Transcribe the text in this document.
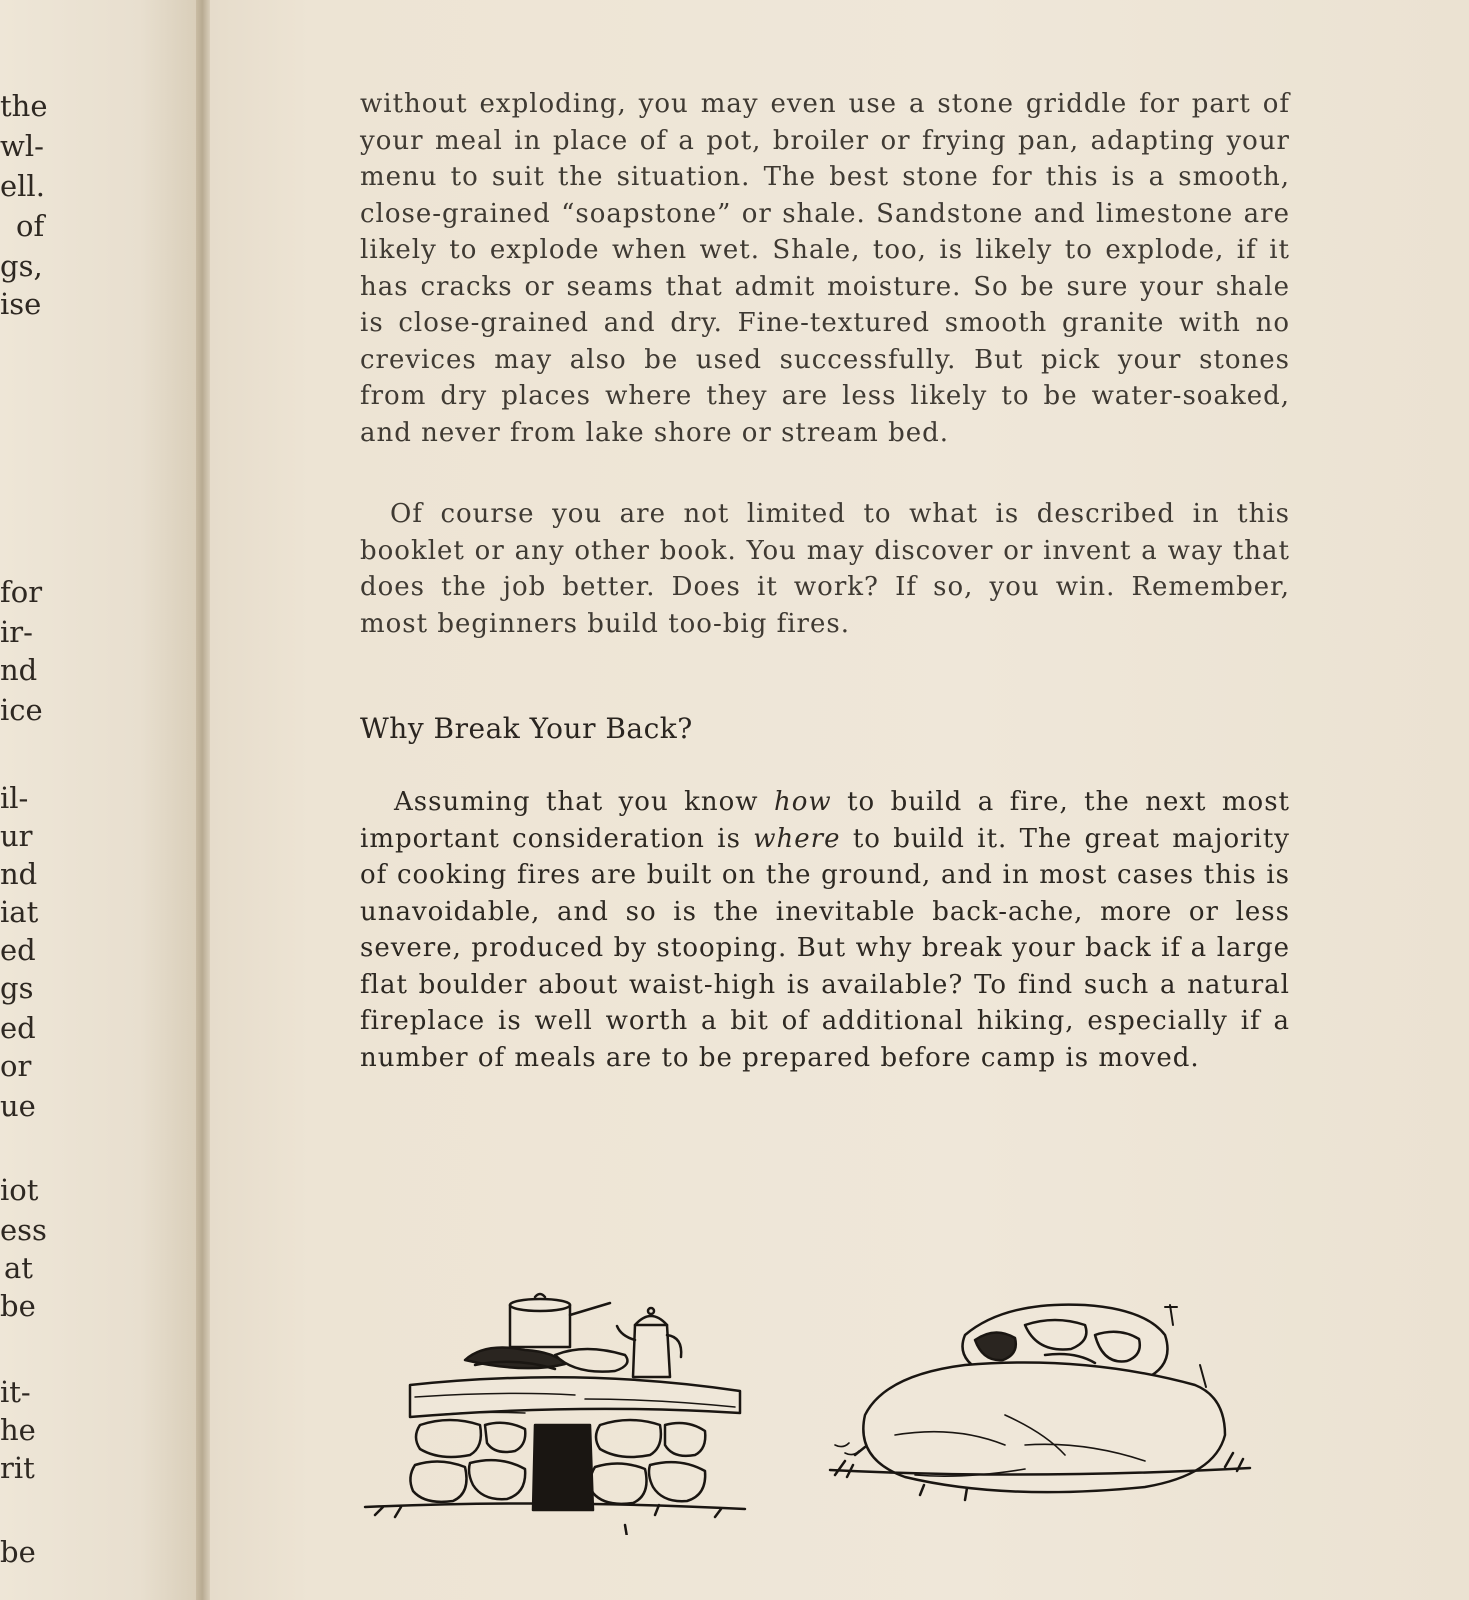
the
wl-
ell.
of
gs,
ise
for
ir-
nd
ice
il-
ur
nd
iat
ed
gs
ed
or
ue
iot
ess
at
be
it-
he
rit
be
without exploding, you may even use a stone griddle for part of your meal in place of a pot, broiler or frying pan, adapting your menu to suit the situation. The best stone for this is a smooth, close-grained “soapstone” or shale. Sandstone and limestone are likely to explode when wet. Shale, too, is likely to explode, if it has cracks or seams that admit moisture. So be sure your shale is close-grained and dry. Fine-textured smooth granite with no crevices may also be used successfully. But pick your stones from dry places where they are less likely to be water-soaked, and never from lake shore or stream bed.
Of course you are not limited to what is described in this booklet or any other book. You may discover or invent a way that does the job better. Does it work? If so, you win. Remember, most beginners build too-big fires.
Why Break Your Back?
Assuming that you know how to build a fire, the next most important consideration is where to build it. The great majority of cooking fires are built on the ground, and in most cases this is unavoidable, and so is the inevitable back-ache, more or less severe, produced by stooping. But why break your back if a large flat boulder about waist-high is available? To find such a natural fireplace is well worth a bit of additional hiking, especially if a number of meals are to be prepared before camp is moved.
